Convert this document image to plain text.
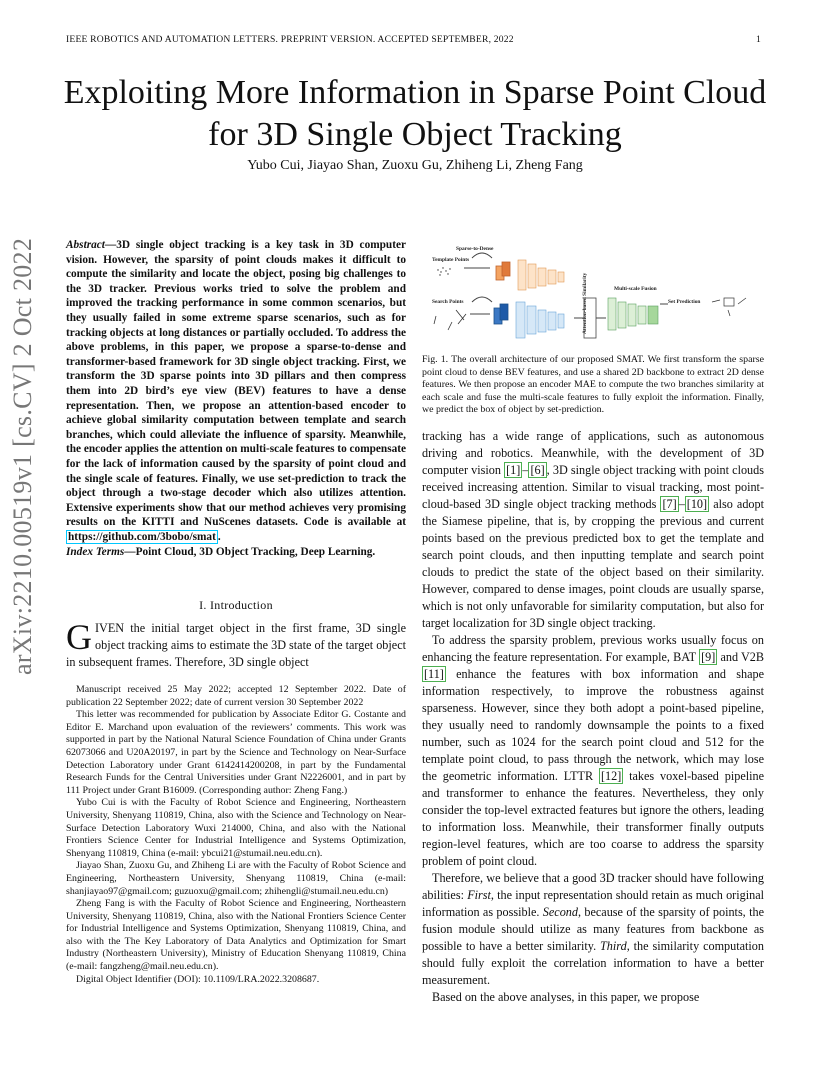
IEEE ROBOTICS AND AUTOMATION LETTERS. PREPRINT VERSION. ACCEPTED SEPTEMBER, 2022	1
Exploiting More Information in Sparse Point Cloud
for 3D Single Object Tracking
Yubo Cui, Jiayao Shan, Zuoxu Gu, Zhiheng Li, Zheng Fang
arXiv:2210.00519v1 [cs.CV] 2 Oct 2022	Abstract—3D single object tracking is a key task in 3D computer vision. However, the sparsity of point clouds makes it difficult to compute the similarity and locate the object, posing big challenges to the 3D tracker. Previous works tried to solve the problem and improved the tracking performance in some common scenarios, but they usually failed in some extreme sparse scenarios, such as for tracking objects at long distances or partially occluded. To address the above problems, in this paper, we propose a sparse-to-dense and transformer-based framework for 3D single object tracking. First, we transform the 3D sparse points into 3D pillars and then compress them into 2D bird’s eye view (BEV) features to have a dense representation. Then, we propose an attention-based encoder to achieve global similarity computation between template and search branches, which could alleviate the influence of sparsity. Meanwhile, the encoder applies the attention on multi-scale features to compensate for the lack of information caused by the sparsity of point cloud and the single scale of features. Finally, we use set-prediction to track the object through a two-stage decoder which also utilizes attention. Extensive experiments show that our method achieves very promising results on the KITTI and NuScenes datasets. Code is available at https://github.com/3bobo/smat .
Index Terms—Point Cloud, 3D Object Tracking, Deep Learning.
I. Introduction
GIVEN the initial target object in the first frame, 3D single object tracking aims to estimate the 3D state of the target object in subsequent frames. Therefore, 3D single object

Manuscript received 25 May 2022; accepted 12 September 2022. Date of publication 22 September 2022; date of current version 30 September 2022

This letter was recommended for publication by Associate Editor G. Costante and Editor E. Marchand upon evaluation of the reviewers’ comments. This work was supported in part by the National Natural Science Foundation of China under Grants 62073066 and U20A20197, in part by the Science and Technology on Near-Surface Detection Laboratory under Grant 6142414200208, in part by the Fundamental Research Funds for the Central Universities under Grant N2226001, and in part by 111 Project under Grant B16009. (Corresponding author: Zheng Fang.)

Yubo Cui is with the Faculty of Robot Science and Engineering, Northeastern University, Shenyang 110819, China, also with the Science and Technology on Near-Surface Detection Laboratory Wuxi 214000, China, and also with the National Frontiers Science Center for Industrial Intelligence and Systems Optimization, Shenyang 110819, China (e-mail: ybcui21@stumail.neu.edu.cn).

Jiayao Shan, Zuoxu Gu, and Zhiheng Li are with the Faculty of Robot Science and Engineering, Northeastern University, Shenyang 110819, China (e-mail: shanjiayao97@gmail.com; guzuoxu@gmail.com; zhihengli@stumail.neu.edu.cn)

Zheng Fang is with the Faculty of Robot Science and Engineering, Northeastern University, Shenyang 110819, China, also with the National Frontiers Science Center for Industrial Intelligence and Systems Optimization, Shenyang 110819, China, and also with the The Key Laboratory of Data Analytics and Optimization for Smart Industry (Northeastern University), Ministry of Education Shenyang 110819, China (e-mail: fangzheng@mail.neu.edu.cn).

Digital Object Identifier (DOI): 10.1109/LRA.2022.3208687.

Sparse-to-Dense
Template Points
Search Points
Multi-scale Fusion
Set Prediction
Attention-based Similarity
Fig. 1. The overall architecture of our proposed SMAT. We first transform the sparse point cloud to dense BEV features, and use a shared 2D backbone to extract 2D dense features. We then propose an encoder MAE to compute the two branches similarity at each scale and fuse the multi-scale features to fully exploit the information. Finally, we predict the box of object by set-prediction.

tracking has a wide range of applications, such as autonomous driving and robotics. Meanwhile, with the development of 3D computer vision [1] – [6] , 3D single object tracking with point clouds received increasing attention. Similar to visual tracking, most point-cloud-based 3D single object tracking methods [7] – [10] also adopt the Siamese pipeline, that is, by cropping the previous and current points based on the previous predicted box to get the template and search point clouds, and then inputting template and search point clouds to predict the state of the object based on their similarity. However, compared to dense images, point clouds are usually sparse, which is not only unfavorable for similarity computation, but also for target localization for 3D single object tracking.

To address the sparsity problem, previous works usually focus on enhancing the feature representation. For example, BAT [9] and V2B [11] enhance the features with box information and shape information respectively, to improve the robustness against sparseness. However, since they both adopt a point-based pipeline, they usually need to randomly downsample the points to a fixed number, such as 1024 for the search point cloud and 512 for the template point cloud, to pass through the network, which may lose the geometric information. LTTR [12] takes voxel-based pipeline and transformer to enhance the features. Nevertheless, they only consider the top-level extracted features but ignore the others, leading to information loss. Meanwhile, their transformer finally outputs region-level features, which are too coarse to address the sparsity problem of point cloud.

Therefore, we believe that a good 3D tracker should have following abilities: First, the input representation should retain as much original information as possible. Second, because of the sparsity of points, the fusion module should utilize as many features from backbone as possible to have a better similarity. Third, the similarity computation should fully exploit the correlation information to have a better measurement.

Based on the above analyses, in this paper, we propose
